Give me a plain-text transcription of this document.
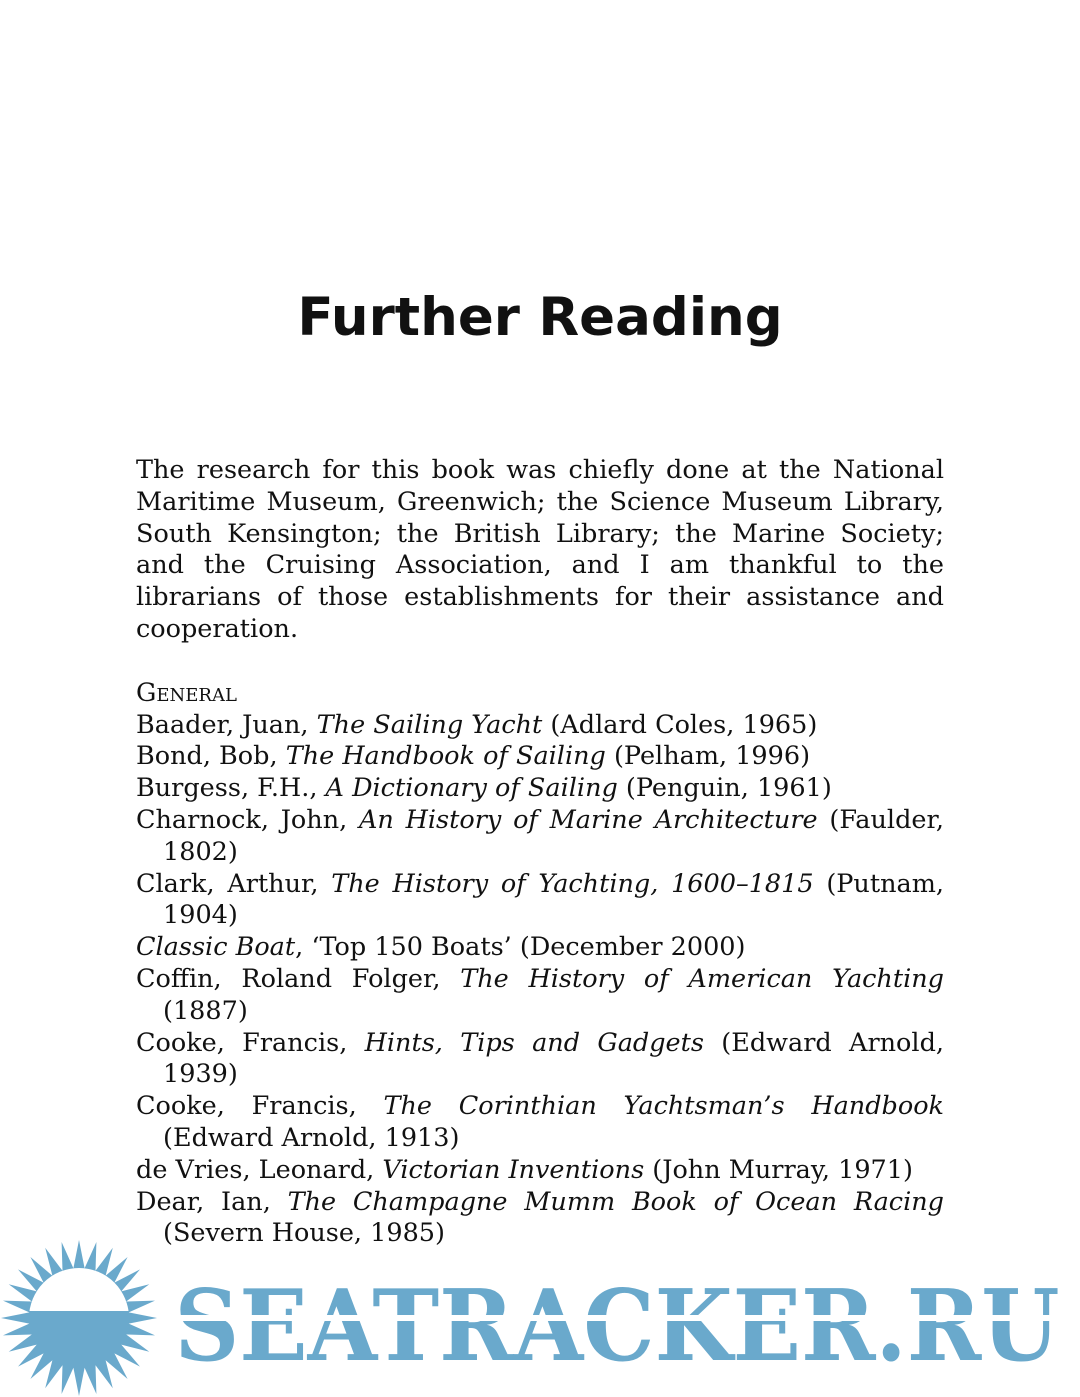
Further Reading

The research for this book was chiefly done at the National Maritime Museum, Greenwich; the Science Museum Library, South Kensington; the British Library; the Marine Society; and the Cruising Association, and I am thankful to the librarians of those establishments for their assistance and cooperation.

General

Baader, Juan, The Sailing Yacht (Adlard Coles, 1965)
Bond, Bob, The Handbook of Sailing (Pelham, 1996)
Burgess, F.H., A Dictionary of Sailing (Penguin, 1961)
Charnock, John, An History of Marine Architecture (Faulder, 1802)
Clark, Arthur, The History of Yachting, 1600–1815 (Putnam, 1904)
Classic Boat, ‘Top 150 Boats’ (December 2000)
Coffin, Roland Folger, The History of American Yachting (1887)
Cooke, Francis, Hints, Tips and Gadgets (Edward Arnold, 1939)
Cooke, Francis, The Corinthian Yachtsman’s Handbook (Edward Arnold, 1913)
de Vries, Leonard, Victorian Inventions (John Murray, 1971)
Dear, Ian, The Champagne Mumm Book of Ocean Racing (Severn House, 1985)
SEATRACKER.RU
